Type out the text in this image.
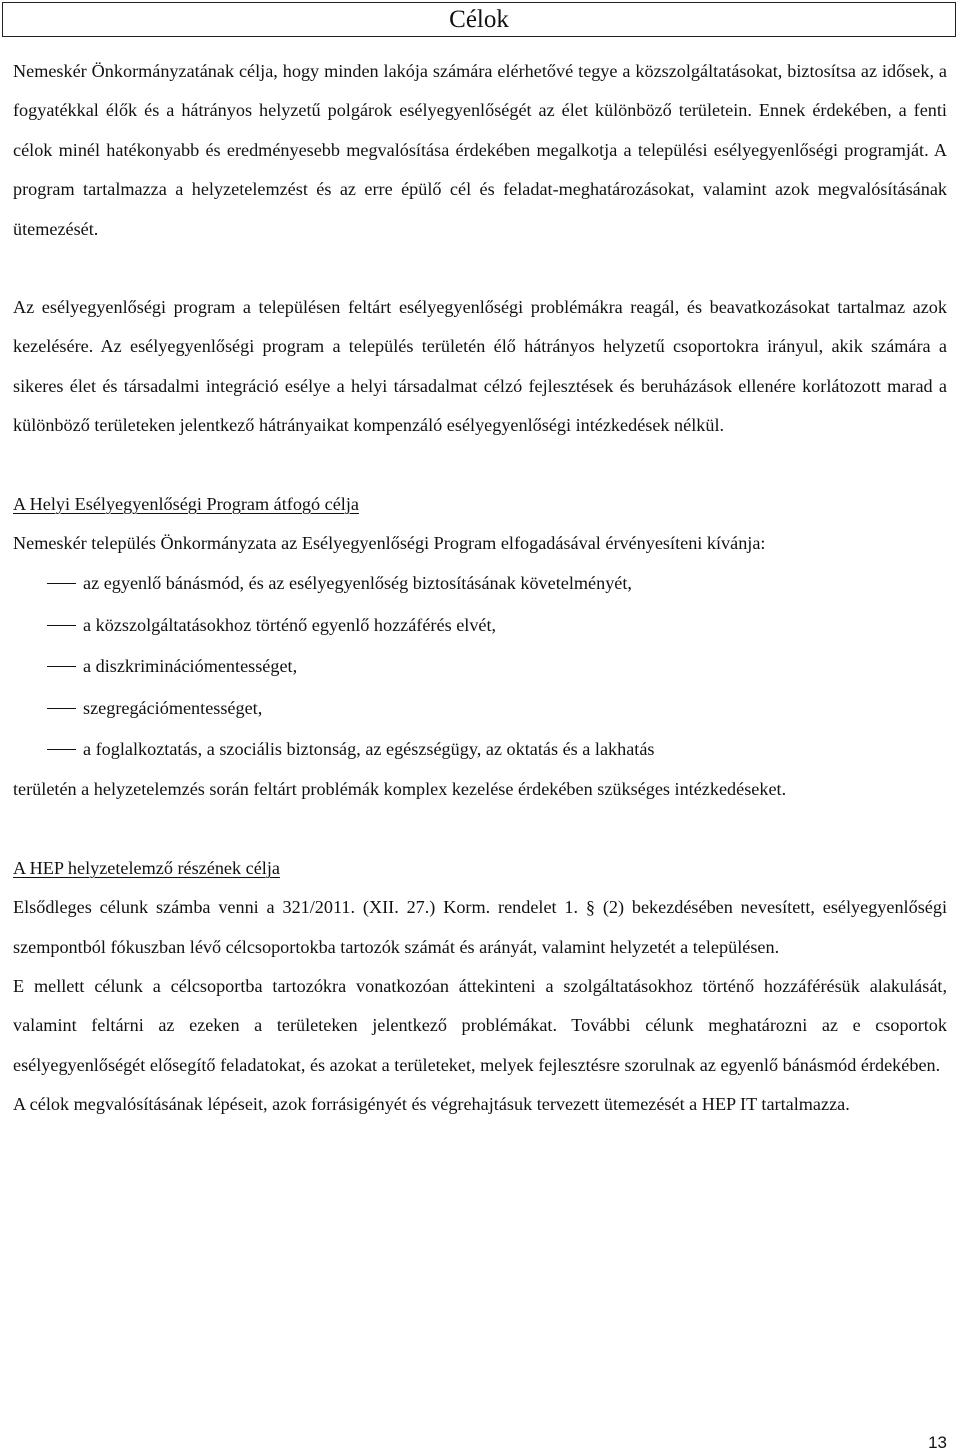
Célok

Nemeskér Önkormányzatának célja, hogy minden lakója számára elérhetővé tegye a közszolgáltatásokat, biztosítsa az idősek, a fogyatékkal élők és a hátrányos helyzetű polgárok esélyegyenlőségét az élet különböző területein. Ennek érdekében, a fenti célok minél hatékonyabb és eredményesebb megvalósítása érdekében megalkotja a települési esélyegyenlőségi programját. A program tartalmazza a helyzetelemzést és az erre épülő cél és feladat-meghatározásokat, valamint azok megvalósításának ütemezését.

Az esélyegyenlőségi program a településen feltárt esélyegyenlőségi problémákra reagál, és beavatkozásokat tartalmaz azok kezelésére. Az esélyegyenlőségi program a település területén élő hátrányos helyzetű csoportokra irányul, akik számára a sikeres élet és társadalmi integráció esélye a helyi társadalmat célzó fejlesztések és beruházások ellenére korlátozott marad a különböző területeken jelentkező hátrányaikat kompenzáló esélyegyenlőségi intézkedések nélkül.

A Helyi Esélyegyenlőségi Program átfogó célja

Nemeskér település Önkormányzata az Esélyegyenlőségi Program elfogadásával érvényesíteni kívánja:

az egyenlő bánásmód, és az esélyegyenlőség biztosításának követelményét,
a közszolgáltatásokhoz történő egyenlő hozzáférés elvét,
a diszkriminációmentességet,
szegregációmentességet,
a foglalkoztatás, a szociális biztonság, az egészségügy, az oktatás és a lakhatás

területén a helyzetelemzés során feltárt problémák komplex kezelése érdekében szükséges intézkedéseket.

A HEP helyzetelemző részének célja

Elsődleges célunk számba venni a 321/2011. (XII. 27.) Korm. rendelet 1. § (2) bekezdésében nevesített, esélyegyenlőségi szempontból fókuszban lévő célcsoportokba tartozók számát és arányát, valamint helyzetét a településen.

E mellett célunk a célcsoportba tartozókra vonatkozóan áttekinteni a szolgáltatásokhoz történő hozzáférésük alakulását, valamint feltárni az ezeken a területeken jelentkező problémákat. További célunk meghatározni az e csoportok esélyegyenlőségét elősegítő feladatokat, és azokat a területeket, melyek fejlesztésre szorulnak az egyenlő bánásmód érdekében.

A célok megvalósításának lépéseit, azok forrásigényét és végrehajtásuk tervezett ütemezését a HEP IT tartalmazza.

13
